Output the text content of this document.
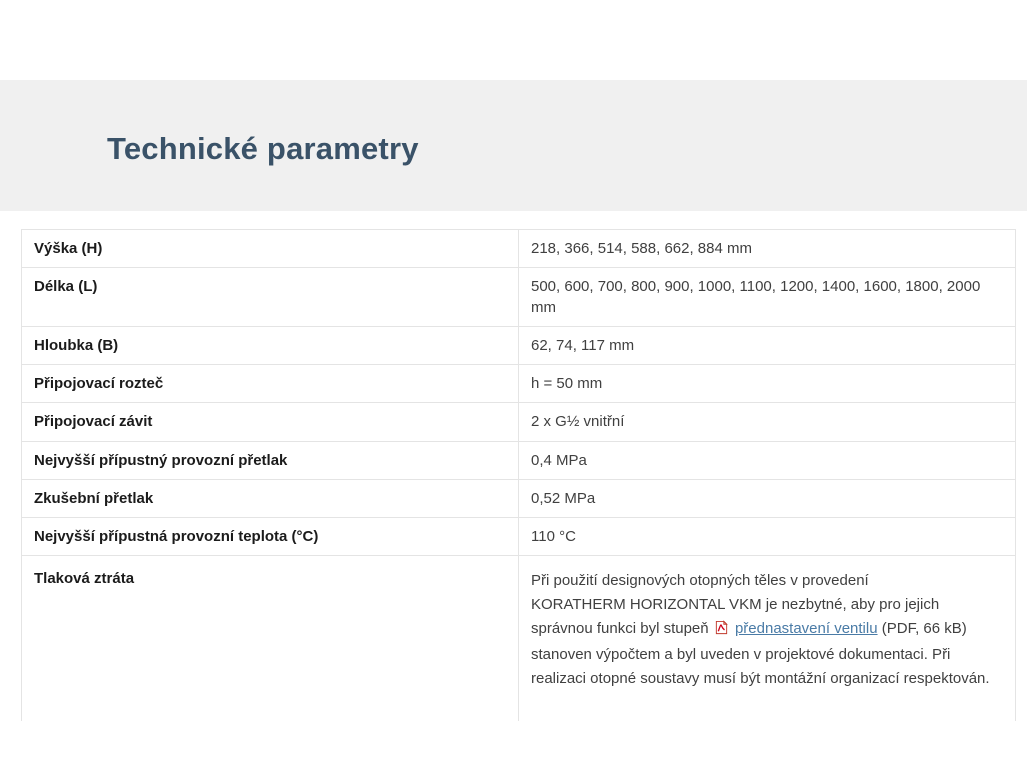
Technické parametry
Výška (H)	218, 366, 514, 588, 662, 884 mm
Délka (L)	500, 600, 700, 800, 900, 1000, 1100, 1200, 1400, 1600, 1800, 2000 mm
Hloubka (B)	62, 74, 117 mm
Připojovací rozteč	h = 50 mm
Připojovací závit	2 x G½ vnitřní
Nejvyšší přípustný provozní přetlak	0,4 MPa
Zkušební přetlak	0,52 MPa
Nejvyšší přípustná provozní teplota (°C)	110 °C
Tlaková ztráta	Při použití designových otopných těles v provedení
KORATHERM HORIZONTAL VKM je nezbytné, aby pro jejich správnou funkci byl stupeň přednastavení ventilu (PDF, 66 kB) stanoven výpočtem a byl uveden v projektové dokumentaci. Při realizaci otopné soustavy musí být montážní organizací respektován.
